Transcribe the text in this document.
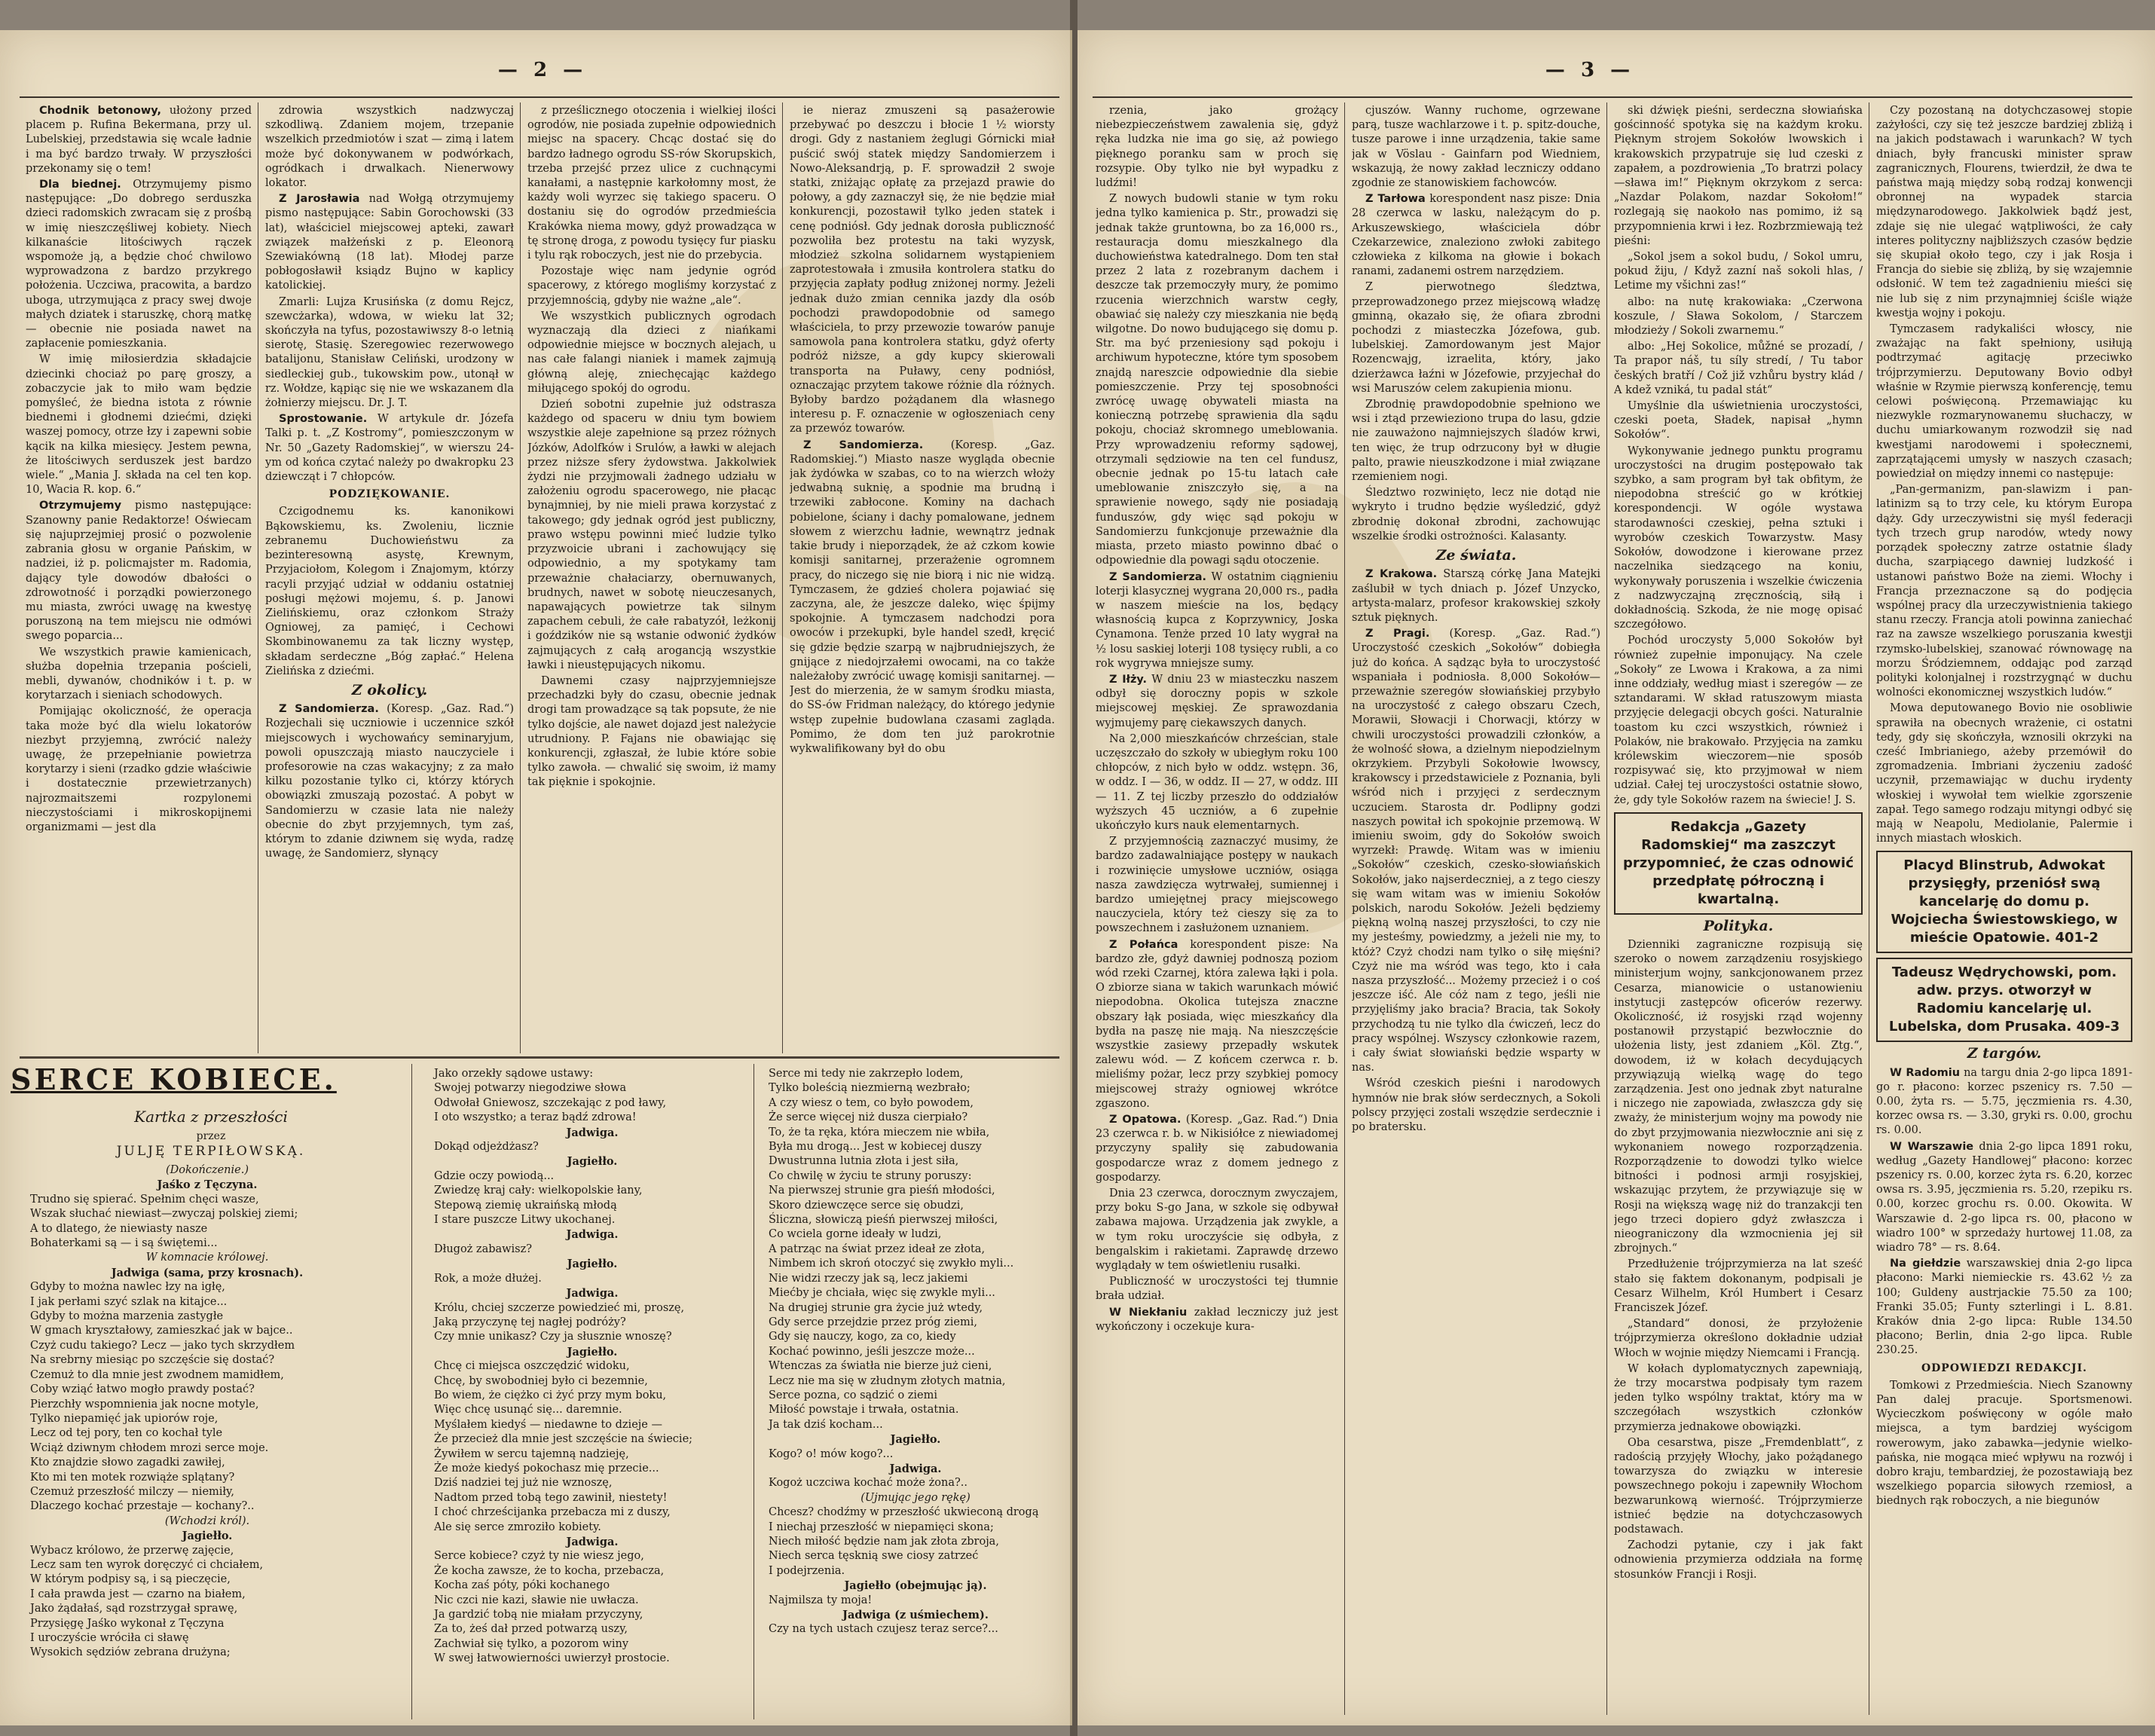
— 2 —

Chodnik betonowy, ułożony przed placem p. Rufina Bekermana, przy ul. Lubelskiej, przedstawia się wcale ładnie i ma być bardzo trwały. W przyszłości przekonamy się o tem!

Dla biednej. Otrzymujemy pismo następujące: „Do dobrego serduszka dzieci radomskich zwracam się z prośbą w imię nieszczęśliwej kobiety. Niech kilkanaście litościwych rączek wspomoże ją, a będzie choć chwilowo wyprowadzona z bardzo przykrego położenia. Uczciwa, pracowita, a bardzo uboga, utrzymująca z pracy swej dwoje małych dziatek i staruszkę, chorą matkę — obecnie nie posiada nawet na zapłacenie pomieszkania.

W imię miłosierdzia składajcie dziecinki chociaż po parę groszy, a zobaczycie jak to miło wam będzie pomyśleć, że biedna istota z równie biednemi i głodnemi dziećmi, dzięki waszej pomocy, otrze łzy i zapewni sobie kącik na kilka miesięcy. Jestem pewna, że litościwych serduszek jest bardzo wiele.“ „Mania J. składa na cel ten kop. 10, Wacia R. kop. 6.“

Otrzymujemy pismo następujące: Szanowny panie Redaktorze! Oświecam się najuprzejmiej prosić o pozwolenie zabrania głosu w organie Pańskim, w nadziei, iż p. policmajster m. Radomia, dający tyle dowodów dbałości o zdrowotność i porządki powierzonego mu miasta, zwróci uwagę na kwestyę poruszoną na tem miejscu nie odmówi swego poparcia...

We wszystkich prawie kamienicach, służba dopełnia trzepania pościeli, mebli, dywanów, chodników i t. p. w korytarzach i sieniach schodowych.

Pomijając okoliczność, że operacja taka może być dla wielu lokatorów niezbyt przyjemną, zwrócić należy uwagę, że przepełnianie powietrza korytarzy i sieni (rzadko gdzie właściwie i dostatecznie przewietrzanych) najrozmaitszemi rozpylonemi nieczystościami i mikroskopijnemi organizmami — jest dla

zdrowia wszystkich nadzwyczaj szkodliwą. Zdaniem mojem, trzepanie wszelkich przedmiotów i szat — zimą i latem może być dokonywanem w podwórkach, ogródkach i drwalkach. Nienerwowy lokator.

Z Jarosławia nad Wołgą otrzymujemy pismo następujące: Sabin Gorochowski (33 lat), właściciel miejscowej apteki, zawarł związek małżeński z p. Eleonorą Szewiakówną (18 lat). Młodej parze pobłogosławił ksiądz Bujno w kaplicy katolickiej.

Zmarli: Lujza Krusińska (z domu Rejcz, szewcżarka), wdowa, w wieku lat 32; skończyła na tyfus, pozostawiwszy 8-o letnią sierotę, Stasię. Szeregowiec rezerwowego batalijonu, Stanisław Celiński, urodzony w siedleckiej gub., tukowskim pow., utonął w rz. Wołdze, kąpiąc się nie we wskazanem dla żołnierzy miejscu. Dr. J. T.

Sprostowanie. W artykule dr. Józefa Talki p. t. „Z Kostromy“, pomieszczonym w Nr. 50 „Gazety Radomskiej“, w wierszu 24-ym od końca czytać należy po dwakropku 23 dziewcząt i 7 chłopców.

PODZIĘKOWANIE.

Czcigodnemu ks. kanonikowi Bąkowskiemu, ks. Zwoleniu, licznie zebranemu Duchowieństwu za bezinteresowną asystę, Krewnym, Przyjaciołom, Kolegom i Znajomym, którzy racyli przyjąć udział w oddaniu ostatniej posługi mężowi mojemu, ś. p. Janowi Zielińskiemu, oraz członkom Straży Ogniowej, za pamięć, i Cechowi Skombinowanemu za tak liczny występ, składam serdeczne „Bóg zapłać.“ Helena Zielińska z dziećmi.

Z okolicy.

Z Sandomierza. (Koresp. „Gaz. Rad.“) Rozjechali się uczniowie i uczennice szkół miejscowych i wychowańcy seminaryjum, powoli opuszczają miasto nauczyciele i profesorowie na czas wakacyjny; z za mało kilku pozostanie tylko ci, którzy których obowiązki zmuszają pozostać. A pobyt w Sandomierzu w czasie lata nie należy obecnie do zbyt przyjemnych, tym zaś, którym to zdanie dziwnem się wyda, radzę uwagę, że Sandomierz, słynący

z prześlicznego otoczenia i wielkiej ilości ogrodów, nie posiada zupełnie odpowiednich miejsc na spacery. Chcąc dostać się do bardzo ładnego ogrodu SS-rów Skorupskich, trzeba przejść przez ulice z cuchnącymi kanałami, a następnie karkołomny most, że każdy woli wyrzec się takiego spaceru. O dostaniu się do ogrodów przedmieścia Krakówka niema mowy, gdyż prowadząca w tę stronę droga, z powodu tysięcy fur piasku i tylu rąk roboczych, jest nie do przebycia.

Pozostaje więc nam jedynie ogród spacerowy, z którego mogliśmy korzystać z przyjemnością, gdyby nie ważne „ale“.

We wszystkich publicznych ogrodach wyznaczają dla dzieci z niańkami odpowiednie miejsce w bocznych alejach, u nas całe falangi nianiek i mamek zajmują główną aleję, zniechęcając każdego miłującego spokój do ogrodu.

Dzień sobotni zupełnie już odstrasza każdego od spaceru w dniu tym bowiem wszystkie aleje zapełnione są przez różnych Józków, Adolfków i Srulów, a ławki w alejach przez niższe sfery żydowstwa. Jakkolwiek żydzi nie przyjmowali żadnego udziału w założeniu ogrodu spacerowego, nie płacąc bynajmniej, by nie mieli prawa korzystać z takowego; gdy jednak ogród jest publiczny, prawo wstępu powinni mieć ludzie tylko przyzwoicie ubrani i zachowujący się odpowiednio, a my spotykamy tam przeważnie chałaciarzy, obernuwanych, brudnych, nawet w sobotę nieuczesanych, napawających powietrze tak silnym zapachem cebuli, że całe rabatyzół, leżkonij i goździków nie są wstanie odwonić żydków zajmujących z całą arogancją wszystkie ławki i nieustępujących nikomu.

Dawnemi czasy najprzyjemniejsze przechadzki były do czasu, obecnie jednak drogi tam prowadzące są tak popsute, że nie tylko dojście, ale nawet dojazd jest należycie utrudniony. P. Fajans nie obawiając się konkurencji, zgłaszał, że lubie które sobie tylko zawoła. — chwalić się swoim, iż mamy tak pięknie i spokojnie.

ie nieraz zmuszeni są pasażerowie przebywać po deszczu i błocie 1 ½ wiorsty drogi. Gdy z nastaniem żeglugi Górnicki miał puścić swój statek między Sandomierzem i Nowo-Aleksandrją, p. F. sprowadził 2 swoje statki, zniżając opłatę za przejazd prawie do połowy, a gdy zaznaczył się, że nie będzie miał konkurencji, pozostawił tylko jeden statek i cenę podniósł. Gdy jednak dorosła publiczność pozwoliła bez protestu na taki wyzysk, młodzież szkolna solidarnem wystąpieniem zaprotestowała i zmusiła kontrolera statku do przyjęcia zapłaty podług zniżonej normy. Jeżeli jednak dużo zmian cennika jazdy dla osób pochodzi prawdopodobnie od samego właściciela, to przy przewozie towarów panuje samowola pana kontrolera statku, gdyż oferty podróż niższe, a gdy kupcy skierowali transporta na Puławy, ceny podniósł, oznaczając przytem takowe różnie dla różnych. Byłoby bardzo pożądanem dla własnego interesu p. F. oznaczenie w ogłoszeniach ceny za przewóz towarów.

Z Sandomierza.	(Koresp. „Gaz. Radomskiej.“) Miasto nasze wygląda obecnie jak żydówka w szabas, co to na wierzch włoży jedwabną suknię, a spodnie ma brudną i trzewiki zabłocone. Kominy na dachach pobielone, ściany i dachy pomalowane, jednem słowem z wierzchu ładnie, wewnątrz jednak takie brudy i nieporządek, że aż czkom kowie komisji sanitarnej, przerażenie ogromnem pracy, do niczego się nie biorą i nic nie widzą. Tymczasem, że gdzieś cholera pojawiać się zaczyna, ale, że jeszcze daleko, więc śpijmy spokojnie. A tymczasem nadchodzi pora owoców i przekupki, byle handel szedł, kręcić się gdzie będzie szarpą w najbrudniejszych, że gnijące z niedojrzałemi owocami, na co także należałoby zwrócić uwagę komisji sanitarnej. — Jest do mierzenia, że w samym środku miasta, do SS-ów Fridman należący, do którego jedynie wstęp zupełnie budowlana czasami zagląda. Pomimo, że dom ten już parokrotnie wykwalifikowany był do obu

SERCE KOBIECE.
Kartka z przeszłości
przez
JULJĘ TERPIŁOWSKĄ.
(Dokończenie.)
Jaśko z Tęczyna.
Trudno się spierać. Spełnim chęci wasze,
Wszak słuchać niewiast—zwyczaj polskiej ziemi;
A to dlatego, że niewiasty nasze
Bohaterkami są — i są świętemi...
W komnacie królowej.
Jadwiga (sama, przy krosnach).
Gdyby to można nawlec łzy na igłę,
I jak perłami szyć szlak na kitajce...
Gdyby to można marzenia zastygłe
W gmach kryształowy, zamieszkać jak w bajce..
Czyż cudu takiego? Lecz — jako tych skrzydłem
Na srebrny miesiąc po szczęście się dostać?
Czemuż to dla mnie jest zwodnem mamidłem,
Coby wziąć łatwo mogło prawdy postać?
Pierzchły wspomnienia jak nocne motyle,
Tylko niepamięć jak upiorów roje,
Lecz od tej pory, ten co kochał tyle
Wciąż dziwnym chłodem mrozi serce moje.
Kto znajdzie słowo zagadki zawiłej,
Kto mi ten motek rozwiąże splątany?
Czemuż przeszłość milczy — niemiły,
Dlaczego kochać przestaje — kochany?..
(Wchodzi król).
Jagiełło.
Wybacz królowo, że przerwę zajęcie,
Lecz sam ten wyrok doręczyć ci chciałem,
W którym podpisy są, i są pieczęcie,
I cała prawda jest — czarno na białem,
Jako żądałaś, sąd rozstrzygał sprawę,
Przysięgę Jaśko wykonał z Tęczyna
I uroczyście wróciła ci sławę
Wysokich sędziów zebrana drużyna;
Jako orzekły sądowe ustawy:
Swojej potwarzy niegodziwe słowa
Odwołał Gniewosz, szczekając z pod ławy,
I oto wszystko; a teraz bądź zdrowa!
Jadwiga.
Dokąd odjeżdżasz?
Jagiełło.
Gdzie oczy powiodą...
Zwiedzę kraj cały: wielkopolskie łany,
Stepową ziemię ukraińską młodą
I stare puszcze Litwy ukochanej.
Jadwiga.
Długoż zabawisz?
Jagiełło.
Rok, a może dłużej.
Jadwiga.
Królu, chciej szczerze powiedzieć mi, proszę,
Jaką przyczynę tej nagłej podróży?
Czy mnie unikasz? Czy ja słusznie wnoszę?
Jagiełło.
Chcę ci miejsca oszczędzić widoku,
Chcę, by swobodniej było ci bezemnie,
Bo wiem, że ciężko ci żyć przy mym boku,
Więc chcę usunąć się... daremnie.
Myślałem kiedyś — niedawne to dzieje —
Że przecież dla mnie jest szczęście na świecie;
Żywiłem w sercu tajemną nadzieję,
Że może kiedyś pokochasz mię przecie...
Dziś nadziei tej już nie wznoszę,
Nadtom przed tobą tego zawinił, niestety!
I choć chrześcijanka przebacza mi z duszy,
Ale się serce zmroziło kobiety.
Jadwiga.
Serce kobiece? czyż ty nie wiesz jego,
Że kocha zawsze, że to kocha, przebacza,
Kocha zaś póty, póki kochanego
Nic czci nie kazi, sławie nie uwłacza.
Ja gardzić tobą nie miałam przyczyny,
Za to, żeś dał przed potwarzą uszy,
Zachwiał się tylko, a pozorom winy
W swej łatwowierności uwierzył prostocie.
Serce mi tedy nie zakrzepło lodem,
Tylko boleścią niezmierną wezbrało;
A czy wiesz o tem, co było powodem,
Że serce więcej niż dusza cierpiało?
To, że ta ręka, która mieczem nie wbiła,
Była mu drogą... Jest w kobiecej duszy
Dwustrunna lutnia złota i jest siła,
Co chwilę w życiu te struny poruszy:
Na pierwszej strunie gra pieśń młodości,
Skoro dziewczęce serce się obudzi,
Śliczna, słowiczą pieśń pierwszej miłości,
Co wciela gorne ideały w ludzi,
A patrząc na świat przez ideał ze złota,
Nimbem ich skroń otoczyć się zwykło myli...
Nie widzi rzeczy jak są, lecz jakiemi
Miećby je chciała, więc się zwykle myli...
Na drugiej strunie gra życie już wtedy,
Gdy serce przejdzie przez próg ziemi,
Gdy się nauczy, kogo, za co, kiedy
Kochać powinno, jeśli jeszcze może...
Wtenczas za światła nie bierze już cieni,
Lecz nie ma się w złudnym złotych matnia,
Serce pozna, co sądzić o ziemi
Miłość powstaje i trwała, ostatnia.
Ja tak dziś kocham...
Jagiełło.
Kogo? o! mów kogo?...
Jadwiga.
Kogoż uczciwa kochać może żona?..
(Ujmując jego rękę)
Chcesz? chodźmy w przeszłość ukwieconą drogą
I niechaj przeszłość w niepamięci skona;
Niech miłość będzie nam jak złota zbroja,
Niech serca tęsknią swe ciosy zatrzeć
I podejrzenia.
Jagiełło (obejmując ją).
Najmilsza ty moja!
Jadwiga (z uśmiechem).
Czy na tych ustach czujesz teraz serce?...
— 3 —

rzenia, jako grożący niebezpieczeństwem zawalenia się, gdyż ręka ludzka nie ima go się, aż powiego pięknego poranku sam w proch się rozsypie. Oby tylko nie był wypadku z ludźmi!

Z nowych budowli stanie w tym roku jedna tylko kamienica p. Str., prowadzi się jednak także gruntowna, bo za 16,000 rs., restauracja domu mieszkalnego dla duchowieństwa katedralnego. Dom ten stał przez 2 lata z rozebranym dachem i deszcze tak przemoczyły mury, że pomimo rzucenia wierzchnich warstw cegły, obawiać się należy czy mieszkania nie będą wilgotne. Do nowo budującego się domu p. Str. ma być przeniesiony sąd pokoju i archiwum hypoteczne, które tym sposobem znajdą nareszcie odpowiednie dla siebie pomieszczenie. Przy tej sposobności zwrócę uwagę obywateli miasta na konieczną potrzebę sprawienia dla sądu pokoju, chociaż skromnego umeblowania. Przy wprowadzeniu reformy sądowej, otrzymali sędziowie na ten cel fundusz, obecnie jednak po 15-tu latach całe umeblowanie zniszczyło się, a na sprawienie nowego, sądy nie posiadają funduszów, gdy więc sąd pokoju w Sandomierzu funkcjonuje przeważnie dla miasta, przeto miasto powinno dbać o odpowiednie dla powagi sądu otoczenie.

Z Sandomierza. W ostatnim ciągnieniu loterji klasycznej wygrana 20,000 rs., padła w naszem mieście na los, będący własnością kupca z Koprzywnicy, Joska Cynamona. Tenże przed 10 laty wygrał na ½ losu saskiej loterji 108 tysięcy rubli, a co rok wygrywa mniejsze sumy.

Z Iłży. W dniu 23 w miasteczku naszem odbył się doroczny popis w szkole miejscowej męskiej. Ze sprawozdania wyjmujemy parę ciekawszych danych.

Na 2,000 mieszkańców chrześcian, stale uczęszczało do szkoły w ubiegłym roku 100 chłopców, z nich było w oddz. wstępn. 36, w oddz. I — 36, w oddz. II — 27, w oddz. III — 11. Z tej liczby przeszło do oddziałów wyższych 45 uczniów, a 6 zupełnie ukończyło kurs nauk elementarnych.

Z przyjemnością zaznaczyć musimy, że bardzo zadawalniające postępy w naukach i rozwinięcie umysłowe uczniów, osiąga nasza zawdzięcza wytrwałej, sumiennej i bardzo umiejętnej pracy miejscowego nauczyciela, który też cieszy się za to powszechnem i zasłużonem uznaniem.

Z Połańca korespondent pisze: Na bardzo złe, gdyż dawniej podnoszą poziom wód rzeki Czarnej, która zalewa łąki i pola. O zbiorze siana w takich warunkach mówić niepodobna. Okolica tutejsza znaczne obszary łąk posiada, więc mieszkańcy dla bydła na paszę nie mają. Na nieszczęście wszystkie zasiewy przepadły wskutek zalewu wód. — Z końcem czerwca r. b. mieliśmy pożar, lecz przy szybkiej pomocy miejscowej straży ogniowej wkrótce zgaszono.

Z Opatowa. (Koresp. „Gaz. Rad.“) Dnia 23 czerwca r. b. w Nikisiółce z niewiadomej przyczyny spaliły się zabudowania gospodarcze wraz z domem jednego z gospodarzy.

Dnia 23 czerwca, dorocznym zwyczajem, przy boku S-go Jana, w szkole się odbywał zabawa majowa. Urządzenia jak zwykle, a w tym roku uroczyście się odbyła, z bengalskim i rakietami. Zaprawdę drzewo wyglądały w tem oświetleniu rusałki.

Publiczność w uroczystości tej tłumnie brała udział.

W Niekłaniu zakład leczniczy już jest wykończony i oczekuje kura-

cjuszów. Wanny ruchome, ogrzewane parą, tusze wachlarzowe i t. p. spitz-douche, tusze parowe i inne urządzenia, takie same jak w Vöslau - Gainfarn pod Wiedniem, wskazują, że nowy zakład leczniczy oddano zgodnie ze stanowiskiem fachowców.

Z Tarłowa korespondent nasz pisze: Dnia 28 czerwca w lasku, należącym do p. Arkuszewskiego, właściciela dóbr Czekarzewice, znaleziono zwłoki zabitego człowieka z kilkoma na głowie i bokach ranami, zadanemi ostrem narzędziem.

Z pierwotnego śledztwa, przeprowadzonego przez miejscową władzę gminną, okazało się, że ofiara zbrodni pochodzi z miasteczka Józefowa, gub. lubelskiej. Zamordowanym jest Major Rozencwajg, izraelita, który, jako dzierżawca łaźni w Józefowie, przyjechał do wsi Maruszów celem zakupienia mionu.

Zbrodnię prawdopodobnie spełniono we wsi i ztąd przewieziono trupa do lasu, gdzie nie zauważono najmniejszych śladów krwi, ten więc, że trup odrzucony był w długie palto, prawie nieuszkodzone i miał związane rzemieniem nogi.

Śledztwo rozwinięto, lecz nie dotąd nie wykryto i trudno będzie wyśledzić, gdyż zbrodnię dokonał zbrodni, zachowując wszelkie środki ostrożności. Kalasanty.

Ze świata.

Z Krakowa. Starszą córkę Jana Matejki zaślubił w tych dniach p. Józef Unzycko, artysta-malarz, profesor krakowskiej szkoły sztuk pięknych.

Z Pragi. (Koresp. „Gaz. Rad.“) Uroczystość czeskich „Sokołów“ dobiegła już do końca. A sądząc była to uroczystość wspaniała i podniosła. 8,000 Sokołów—przeważnie szeregów słowiańskiej przybyło na uroczystość z całego obszaru Czech, Morawii, Słowacji i Chorwacji, którzy w chwili uroczystości prowadzili członków, a że wolność słowa, a dzielnym niepodzielnym okrzykiem. Przybyli Sokołowie lwowscy, krakowscy i przedstawiciele z Poznania, byli wśród nich i przyjęci z serdecznym uczuciem. Starosta dr. Podlipny godzi naszych powitał ich spokojnie przemową. W imieniu swoim, gdy do Sokołów swoich wyrzekł: Prawdę. Witam was w imieniu „Sokołów“ czeskich, czesko-słowiańskich Sokołów, jako najserdeczniej, a z tego cieszy się wam witam was w imieniu Sokołów polskich, narodu Sokołów. Jeżeli będziemy piękną wolną naszej przyszłości, to czy nie my jesteśmy, powiedzmy, a jeżeli nie my, to któż? Czyż chodzi nam tylko o siłę mięśni? Czyż nie ma wśród was tego, kto i cała nasza przyszłość... Możemy przecież i o coś jeszcze iść. Ale cóż nam z tego, jeśli nie przyjęliśmy jako bracia? Bracia, tak Sokoły przychodzą tu nie tylko dla ćwiczeń, lecz do pracy wspólnej. Wszyscy członkowie razem, i cały świat słowiański będzie wsparty w nas.

Wśród czeskich pieśni i narodowych hymnów nie brak słów serdecznych, a Sokoli polscy przyjęci zostali wszędzie serdecznie i po bratersku.

ski dźwięk pieśni, serdeczna słowiańska gościnność spotyka się na każdym kroku. Pięknym strojem Sokołów lwowskich i krakowskich przypatruje się lud czeski z zapałem, a pozdrowienia „To bratrzi polacy—sława im!“ Pięknym okrzykom z serca: „Nazdar Polakom, nazdar Sokołom!“ rozlegają się naokoło nas pomimo, iż są przypomnienia krwi i łez. Rozbrzmiewają też pieśni:

„Sokol jsem a sokol budu, / Sokol umru, pokud žiju, / Když zazní naš sokoli hlas, / Letime my všichni zas!“

albo: na nutę krakowiaka: „Czerwona koszule, / Sława Sokolom, / Starczem młodzieży / Sokoli zwarnemu.“

albo: „Hej Sokolice, můžné se prozadí, / Ta prapor náš, tu síly stredí, / Tu tabor českých bratří / Což již vzhůru bystry klád / A kdež vzniká, tu padal stát“

Umyślnie dla uświetnienia uroczystości, czeski poeta, Sładek, napisał „hymn Sokołów“.

Wykonywanie jednego punktu programu uroczystości na drugim postępowało tak szybko, a sam program był tak obfitym, że niepodobna streścić go w krótkiej korespondencji. W ogóle wystawa starodawności czeskiej, pełna sztuki i wyrobów czeskich Towarzystw. Masy Sokołów, dowodzone i kierowane przez naczelnika siedzącego na koniu, wykonywały poruszenia i wszelkie ćwiczenia z nadzwyczajną zręcznością, siłą i dokładnością. Szkoda, że nie mogę opisać szczegółowo.

Pochód uroczysty 5,000 Sokołów był również zupełnie imponujący. Na czele „Sokoły“ ze Lwowa i Krakowa, a za nimi inne oddziały, według miast i szeregów — ze sztandarami. W skład ratuszowym miasta przyjęcie delegacji obcych gości. Naturalnie toastom ku czci wszystkich, również i Polaków, nie brakowało. Przyjęcia na zamku królewskim wieczorem—nie sposób rozpisywać się, kto przyjmował w niem udział. Całej tej uroczystości ostatnie słowo, że, gdy tyle Sokołów razem na świecie! J. S.

Redakcja „Gazety Radomskiej“ ma zaszczyt przypomnieć, że czas odnowić przedpłatę półroczną i kwartalną.
Polityka.

Dzienniki zagraniczne rozpisują się szeroko o nowem zarządzeniu rosyjskiego ministerjum wojny, sankcjonowanem przez Cesarza, mianowicie o ustanowieniu instytucji zastępców oficerów rezerwy. Okoliczność, iż rosyjski rząd wojenny postanowił przystąpić bezwłocznie do ułożenia listy, jest zdaniem „Köl. Ztg.“, dowodem, iż w kołach decydujących przywiązują wielką wagę do tego zarządzenia. Jest ono jednak zbyt naturalne i niczego nie zapowiada, zwłaszcza gdy się zważy, że ministerjum wojny ma powody nie do zbyt przyjmowania niezwłocznie ani się z wykonaniem nowego rozporządzenia. Rozporządzenie to dowodzi tylko wielce bitności i podnosi armji rosyjskiej, wskazując przytem, że przywiązuje się w Rosji na większą wagę niż do tranzakcji ten jego trzeci dopiero gdyż zwłaszcza i nieograniczony dla wzmocnienia jej sił zbrojnych.“

Przedłużenie trójprzymierza na lat sześć stało się faktem dokonanym, podpisali je Cesarz Wilhelm, Król Humbert i Cesarz Franciszek Józef.

„Standard“ donosi, że przyłożenie trójprzymierza określono dokładnie udział Włoch w wojnie między Niemcami i Francją.

W kołach dyplomatycznych zapewniają, że trzy mocarstwa podpisały tym razem jeden tylko wspólny traktat, który ma w szczegółach wszystkich członków przymierza jednakowe obowiązki.

Oba cesarstwa, pisze „Fremdenblatt“, z radością przyjęły Włochy, jako pożądanego towarzysza do związku w interesie powszechnego pokoju i zapewniły Włochom bezwarunkową wierność. Trójprzymierze istnieć będzie na dotychczasowych podstawach.

Zachodzi pytanie, czy i jak fakt odnowienia przymierza oddziała na formę stosunków Francji i Rosji.

Czy pozostaną na dotychczasowej stopie zażyłości, czy się też jeszcze bardziej zbliżą i na jakich podstawach i warunkach? W tych dniach, były francuski minister spraw zagranicznych, Flourens, twierdził, że dwa te państwa mają między sobą rodzaj konwencji obronnej na wypadek starcia międzynarodowego. Jakkolwiek bądź jest, zdaje się nie ulegać wątpliwości, że cały interes polityczny najbliższych czasów będzie się skupiał około tego, czy i jak Rosja i Francja do siebie się zbliżą, by się wzajemnie odsłonić. W tem też zagadnieniu mieści się nie lub się z nim przynajmniej ściśle wiąże kwestja wojny i pokoju.

Tymczasem radykaliści włoscy, nie zważając na fakt spełniony, usiłują podtrzymać agitację przeciwko trójprzymierzu. Deputowany Bovio odbył właśnie w Rzymie pierwszą konferencję, temu celowi poświęconą. Przemawiając ku niezwykle rozmarynowanemu słuchaczy, w duchu umiarkowanym rozwodził się nad kwestjami narodowemi i społecznemi, zaprzątającemi umysły w naszych czasach; powiedział on między innemi co następuje:

„Pan-germanizm, pan-slawizm i pan-latinizm są to trzy cele, ku którym Europa dąży. Gdy urzeczywistni się myśl federacji tych trzech grup narodów, wtedy nowy porządek społeczny zatrze ostatnie ślady ducha, szarpiącego dawniej ludzkość i ustanowi państwo Boże na ziemi. Włochy i Francja przeznaczone są do podjęcia wspólnej pracy dla urzeczywistnienia takiego stanu rzeczy. Francja atoli powinna zaniechać raz na zawsze wszelkiego poruszania kwestji rzymsko-lubelskiej, szanować równowagę na morzu Śródziemnem, oddając pod zarząd polityki kolonjalnej i rozstrzygnąć w duchu wolności ekonomicznej wszystkich ludów.“

Mowa deputowanego Bovio nie osobliwie sprawiła na obecnych wrażenie, ci ostatni tedy, gdy się skończyła, wznosili okrzyki na cześć Imbrianiego, ażeby przemówił do zgromadzenia. Imbriani życzeniu zadość uczynił, przemawiając w duchu irydenty włoskiej i wywołał tem wielkie zgorszenie zapał. Tego samego rodzaju mityngi odbyć się mają w Neapolu, Mediolanie, Palermie i innych miastach włoskich.

Placyd Blinstrub, Adwokat przysięgły, przeniósł swą kancelarję do domu p. Wojciecha Świestowskiego, w mieście Opatowie. 401-2
Tadeusz Wędrychowski, pom. adw. przys. otworzył w Radomiu kancelarję ul. Lubelska, dom Prusaka. 409-3
Z targów.

W Radomiu na targu dnia 2-go lipca 1891-go r. płacono: korzec pszenicy rs. 7.50 — 0.00, żyta rs. — 5.75, jęczmienia rs. 4.30, korzec owsa rs. — 3.30, gryki rs. 0.00, grochu rs. 0.00.

W Warszawie dnia 2-go lipca 1891 roku, według „Gazety Handlowej“ płacono: korzec pszenicy rs. 0.00, korzec żyta rs. 6.20, korzec owsa rs. 3.95, jęczmienia rs. 5.20, rzepiku rs. 0.00, korzec grochu rs. 0.00. Okowita. W Warszawie d. 2-go lipca rs. 00, płacono w wiadro 100° w sprzedaży hurtowej 11.08, za wiadro 78° — rs. 8.64.

Na giełdzie warszawskiej dnia 2-go lipca płacono: Marki niemieckie rs. 43.62 ½ za 100; Guldeny austrjackie 75.50 za 100; Franki 35.05; Funty szterlingi i L. 8.81. Kraków dnia 2-go lipca: Ruble 134.50 płacono; Berlin, dnia 2-go lipca. Ruble 230.25.

ODPOWIEDZI REDAKCJI.

Tomkowi z Przedmieścia. Niech Szanowny Pan dalej pracuje. Sportsmenowi. Wycieczkom poświęcony w ogóle mało miejsca, a tym bardziej wyścigom rowerowym, jako zabawka—jedynie wielko-pańska, nie mogąca mieć wpływu na rozwój i dobro kraju, tembardziej, że pozostawiają bez wszelkiego poparcia siłowych rzemiosł, a biednych rąk roboczych, a nie biegunów
